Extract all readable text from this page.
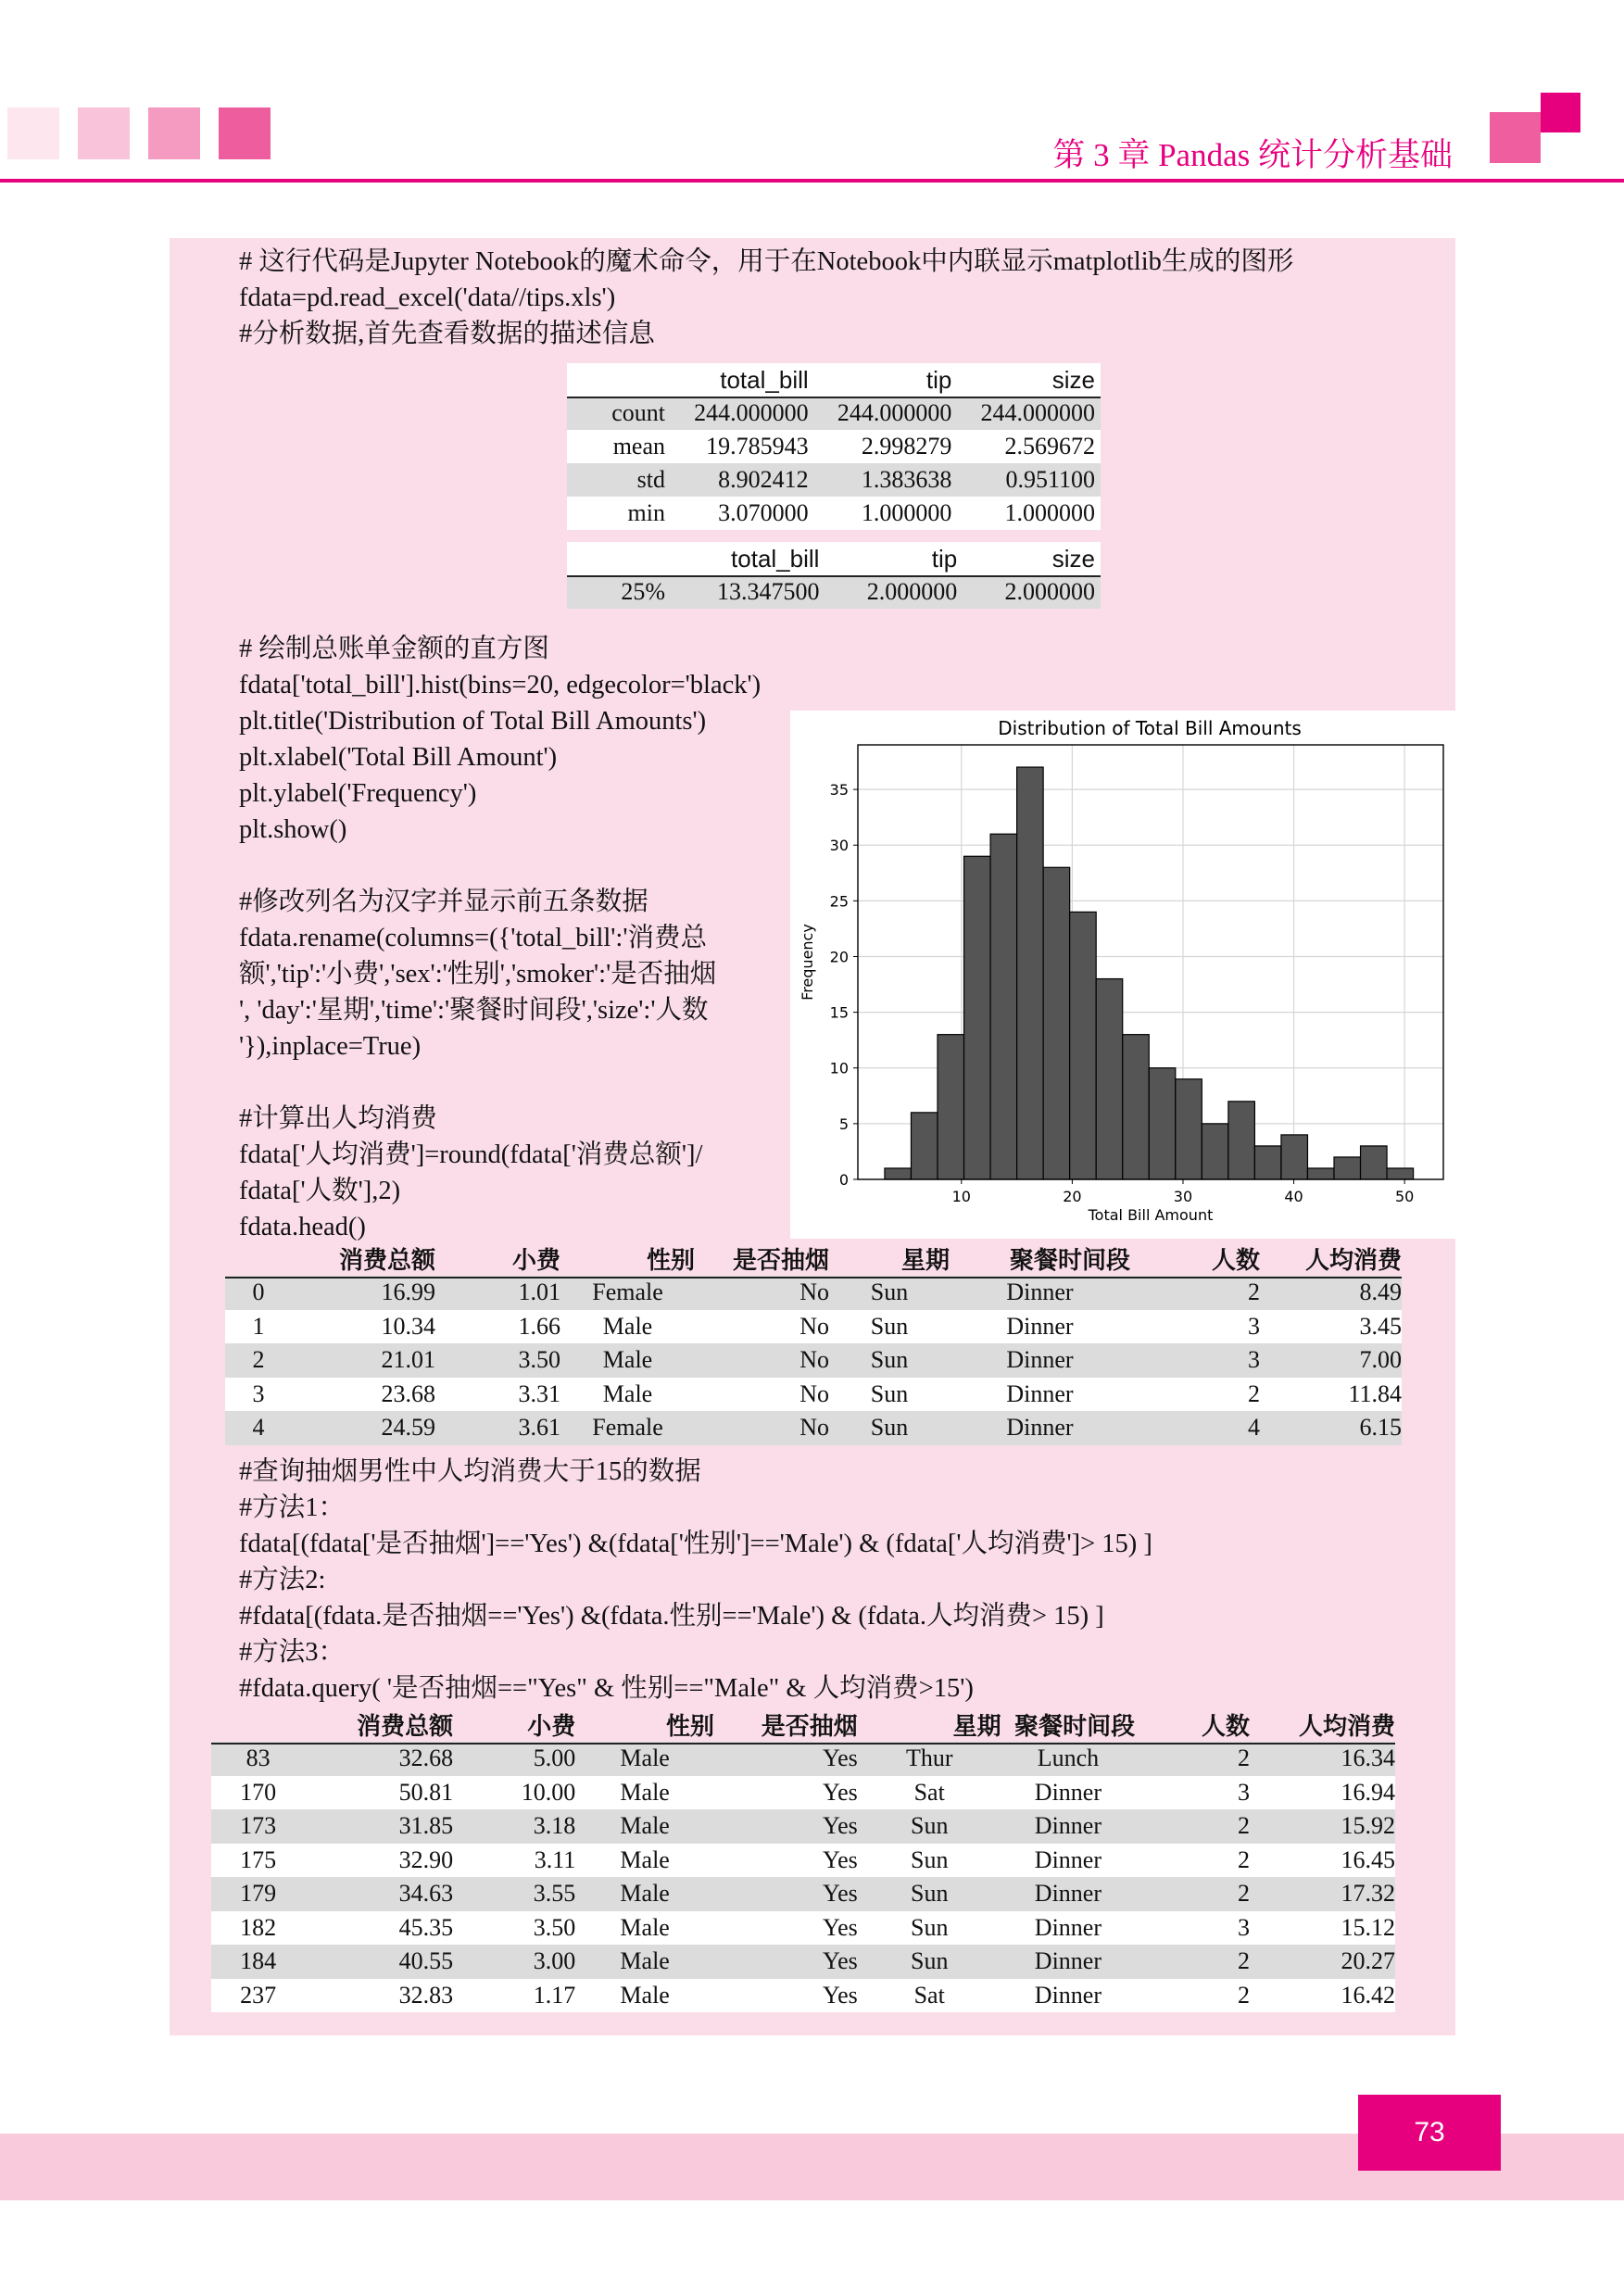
第 3 章 Pandas 统计分析基础
# 这行代码是Jupyter Notebook的魔术命令，用于在Notebook中内联显示matplotlib生成的图形
fdata=pd.read_excel('data//tips.xls')
#分析数据,首先查看数据的描述信息
	total_bill	tip	size
count	244.000000	244.000000	244.000000
mean	19.785943	2.998279	2.569672
std	8.902412	1.383638	0.951100
min	3.070000	1.000000	1.000000
	total_bill	tip	size
25%	13.347500	2.000000	2.000000
# 绘制总账单金额的直方图
fdata['total_bill'].hist(bins=20, edgecolor='black')
plt.title('Distribution of Total Bill Amounts')
plt.xlabel('Total Bill Amount')
plt.ylabel('Frequency')
plt.show()
#修改列名为汉字并显示前五条数据
fdata.rename(columns=({'total_bill':'消费总
额','tip':'小费','sex':'性别','smoker':'是否抽烟
', 'day':'星期','time':'聚餐时间段','size':'人数
'}),inplace=True)
#计算出人均消费
fdata['人均消费']=round(fdata['消费总额']/
fdata['人数'],2)
fdata.head()
Distribution of Total Bill Amounts
10	20	30	40	50
0
5
10
15
20
25
30
35
Total Bill Amount
Frequency
	消费总额	小费	性别	是否抽烟	星期	聚餐时间段	人数	人均消费
0	16.99	1.01	Female	No	Sun	Dinner	2	8.49
1	10.34	1.66	Male	No	Sun	Dinner	3	3.45
2	21.01	3.50	Male	No	Sun	Dinner	3	7.00
3	23.68	3.31	Male	No	Sun	Dinner	2	11.84
4	24.59	3.61	Female	No	Sun	Dinner	4	6.15
#查询抽烟男性中人均消费大于15的数据
#方法1：
fdata[(fdata['是否抽烟']=='Yes') &(fdata['性别']=='Male') & (fdata['人均消费']> 15) ]
#方法2:
#fdata[(fdata.是否抽烟=='Yes') &(fdata.性别=='Male') & (fdata.人均消费> 15) ]
#方法3：
#fdata.query( '是否抽烟=="Yes" & 性别=="Male" & 人均消费>15')
	消费总额	小费	性别	是否抽烟	星期	聚餐时间段	人数	人均消费
83	32.68	5.00	Male	Yes	Thur	Lunch	2	16.34
170	50.81	10.00	Male	Yes	Sat	Dinner	3	16.94
173	31.85	3.18	Male	Yes	Sun	Dinner	2	15.92
175	32.90	3.11	Male	Yes	Sun	Dinner	2	16.45
179	34.63	3.55	Male	Yes	Sun	Dinner	2	17.32
182	45.35	3.50	Male	Yes	Sun	Dinner	3	15.12
184	40.55	3.00	Male	Yes	Sun	Dinner	2	20.27
237	32.83	1.17	Male	Yes	Sat	Dinner	2	16.42
73
